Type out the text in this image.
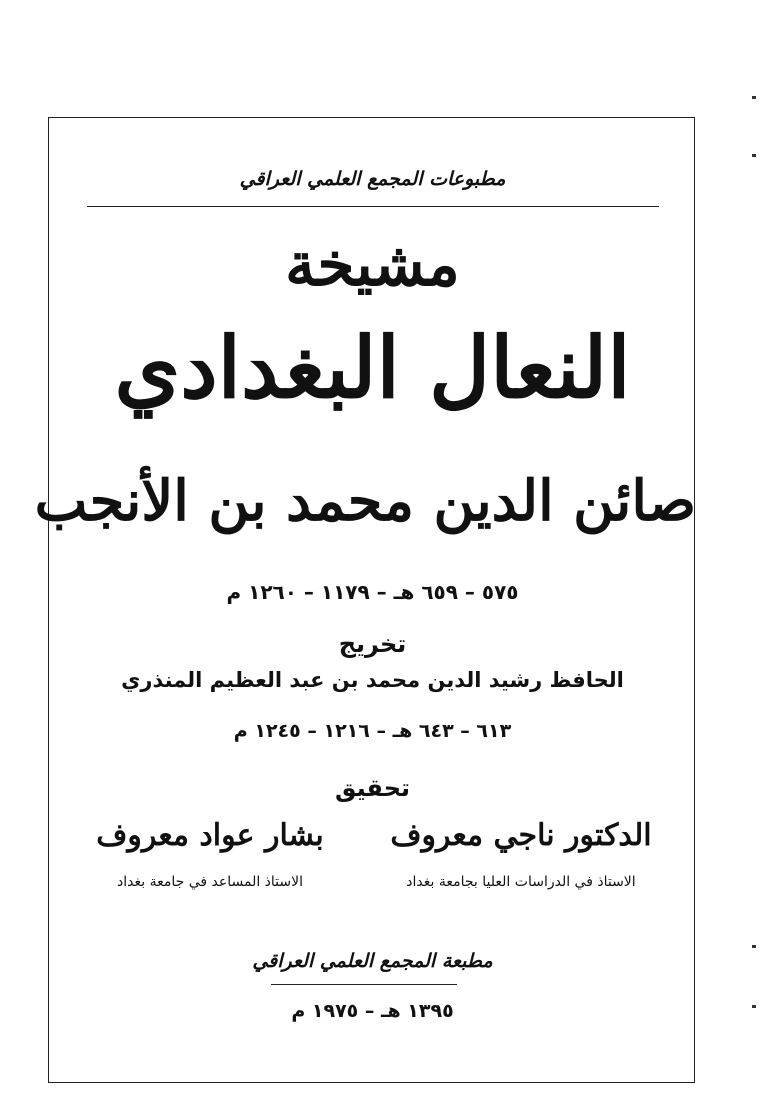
مطبوعات المجمع العلمي العراقي
مشيخة
النعال البغدادي
صائن الدين محمد بن الأنجب
٥٧٥ – ٦٥٩ هـ – ١١٧٩ – ١٢٦٠ م
تخريج
الحافظ رشيد الدين محمد بن عبد العظيم المنذري
٦١٣ – ٦٤٣ هـ – ١٢١٦ – ١٢٤٥ م
تحقيق
الدكتور ناجي معروف
الاستاذ في الدراسات العليا بجامعة بغداد
بشار عواد معروف
الاستاذ المساعد في جامعة بغداد
مطبعة المجمع العلمي العراقي
١٣٩٥ هـ – ١٩٧٥ م
